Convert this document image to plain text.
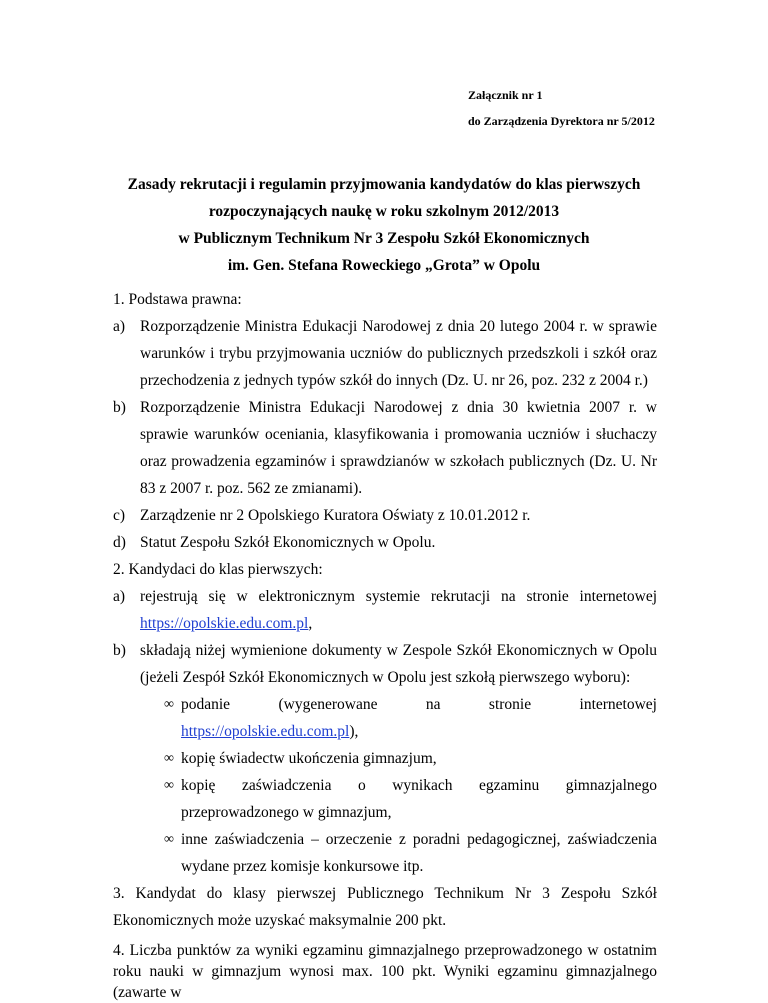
Załącznik nr 1
do Zarządzenia Dyrektora nr 5/2012
Zasady rekrutacji i regulamin przyjmowania kandydatów do klas pierwszych
rozpoczynających naukę w roku szkolnym 2012/2013
w Publicznym Technikum Nr 3 Zespołu Szkół Ekonomicznych
im. Gen. Stefana Roweckiego „Grota” w Opolu

1. Podstawa prawna:

a) Rozporządzenie Ministra Edukacji Narodowej z dnia 20 lutego 2004 r. w sprawie warunków i trybu przyjmowania uczniów do publicznych przedszkoli i szkół oraz przechodzenia z jednych typów szkół do innych (Dz. U. nr 26, poz. 232 z 2004 r.)
b) Rozporządzenie Ministra Edukacji Narodowej z dnia 30 kwietnia 2007 r. w sprawie warunków oceniania, klasyfikowania i promowania uczniów i słuchaczy oraz prowadzenia egzaminów i sprawdzianów w szkołach publicznych (Dz. U. Nr 83 z 2007 r. poz. 562 ze zmianami).
c) Zarządzenie nr 2 Opolskiego Kuratora Oświaty z 10.01.2012 r.
d) Statut Zespołu Szkół Ekonomicznych w Opolu.

2. Kandydaci do klas pierwszych:

a) rejestrują się w elektronicznym systemie rekrutacji na stronie internetowej https://opolskie.edu.com.pl,
b) składają niżej wymienione dokumenty w Zespole Szkół Ekonomicznych w Opolu (jeżeli Zespół Szkół Ekonomicznych w Opolu jest szkołą pierwszego wyboru):
∞ podanie (wygenerowane na stronie internetowej https://opolskie.edu.com.pl),
∞ kopię świadectw ukończenia gimnazjum,
∞ kopię zaświadczenia o wynikach egzaminu gimnazjalnego przeprowadzonego w gimnazjum,
∞ inne zaświadczenia – orzeczenie z poradni pedagogicznej, zaświadczenia wydane przez komisje konkursowe itp.

3. Kandydat do klasy pierwszej Publicznego Technikum Nr 3 Zespołu Szkół Ekonomicznych może uzyskać maksymalnie 200 pkt.

4. Liczba punktów za wyniki egzaminu gimnazjalnego przeprowadzonego w ostatnim roku nauki w gimnazjum wynosi max. 100 pkt. Wyniki egzaminu gimnazjalnego (zawarte w
